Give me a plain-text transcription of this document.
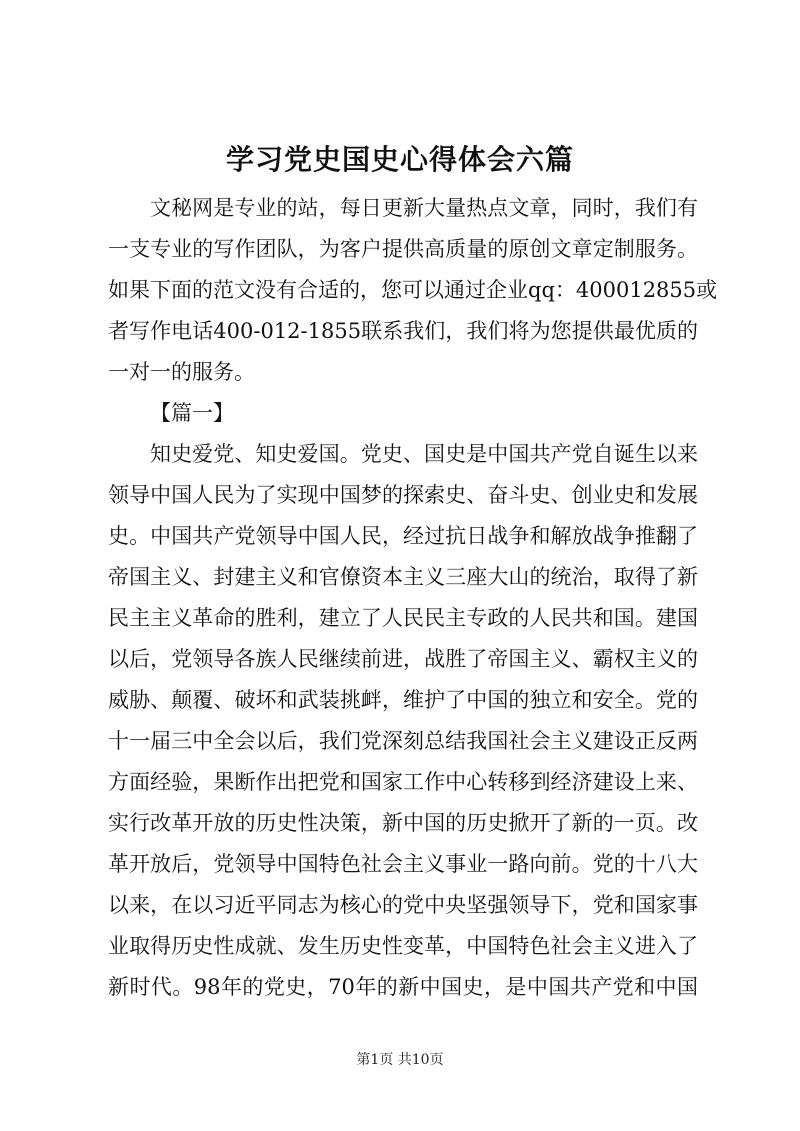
学习党史国史心得体会六篇
文秘网是专业的站，每日更新大量热点文章，同时，我们有
一支专业的写作团队，为客户提供高质量的原创文章定制服务。
如果下面的范文没有合适的，您可以通过企业qq：400012855或
者写作电话400-012-1855联系我们，我们将为您提供最优质的
一对一的服务。
【篇一】
知史爱党、知史爱国。党史、国史是中国共产党自诞生以来
领导中国人民为了实现中国梦的探索史、奋斗史、创业史和发展
史。中国共产党领导中国人民，经过抗日战争和解放战争推翻了
帝国主义、封建主义和官僚资本主义三座大山的统治，取得了新
民主主义革命的胜利，建立了人民民主专政的人民共和国。建国
以后，党领导各族人民继续前进，战胜了帝国主义、霸权主义的
威胁、颠覆、破坏和武装挑衅，维护了中国的独立和安全。党的
十一届三中全会以后，我们党深刻总结我国社会主义建设正反两
方面经验，果断作出把党和国家工作中心转移到经济建设上来、
实行改革开放的历史性决策，新中国的历史掀开了新的一页。改
革开放后，党领导中国特色社会主义事业一路向前。党的十八大
以来，在以习近平同志为核心的党中央坚强领导下，党和国家事
业取得历史性成就、发生历史性变革，中国特色社会主义进入了
新时代。98年的党史，70年的新中国史，是中国共产党和中国
第1页 共10页
